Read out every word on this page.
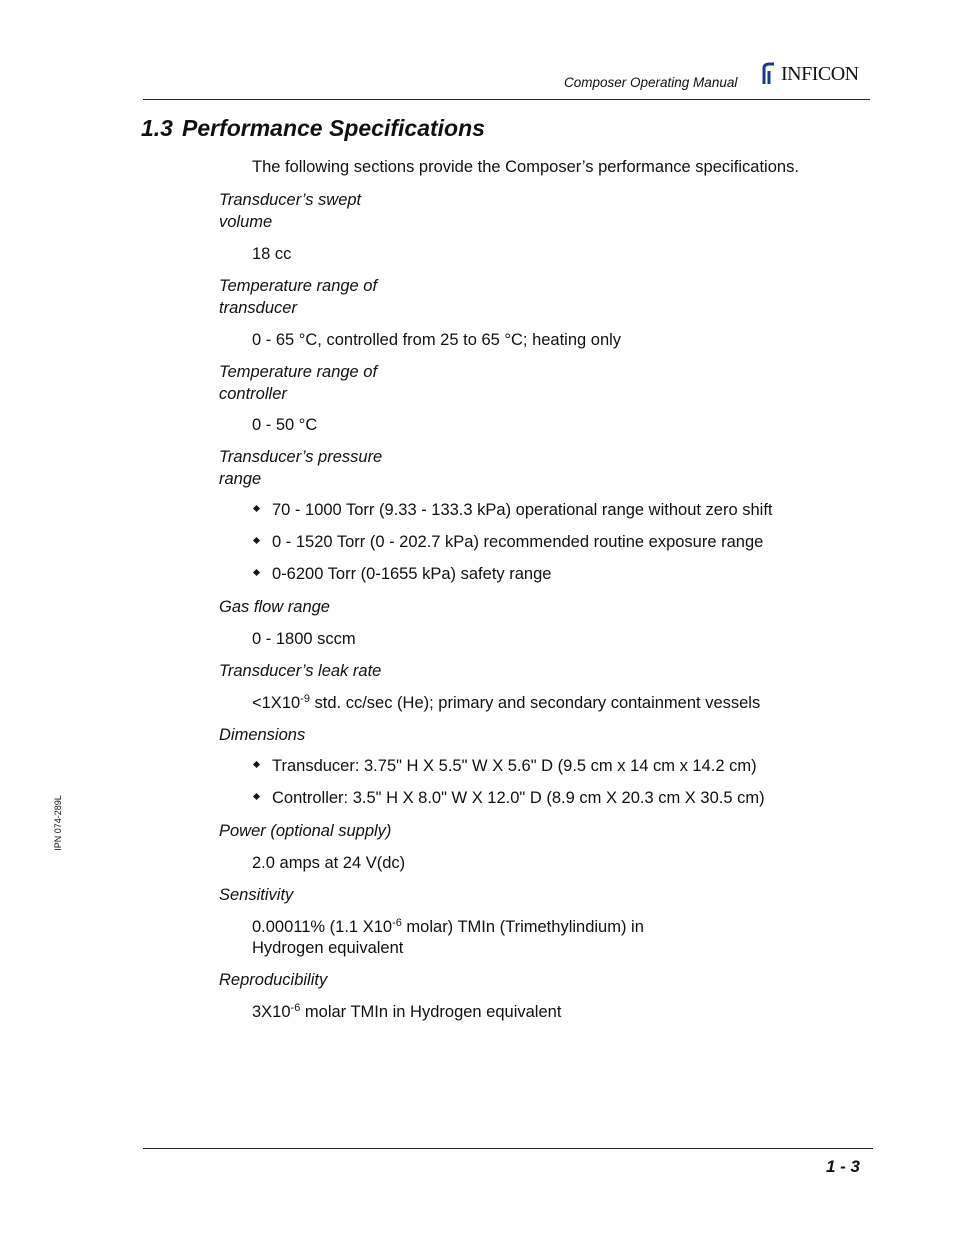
Composer Operating Manual INFICON
1.3 Performance Specifications
The following sections provide the Composer’s performance specifications.
Transducer’s swept
volume
18 cc
Temperature range of
transducer
0 - 65 °C, controlled from 25 to 65 °C; heating only
Temperature range of
controller
0 - 50 °C
Transducer’s pressure
range
70 - 1000 Torr (9.33 - 133.3 kPa) operational range without zero shift
0 - 1520 Torr (0 - 202.7 kPa) recommended routine exposure range
0-6200 Torr (0-1655 kPa) safety range
Gas flow range
0 - 1800 sccm
Transducer’s leak rate
$<1X10^{-9}$ std. cc/sec (He); primary and secondary containment vessels
Dimensions
Transducer: 3.75" H X 5.5" W X 5.6" D (9.5 cm x 14 cm x 14.2 cm)
Controller: 3.5" H X 8.0" W X 12.0" D (8.9 cm X 20.3 cm X 30.5 cm)
Power (optional supply)
2.0 amps at 24 V(dc)
Sensitivity
0.00011% (1.1 $X10^{-6}$ molar) TMIn (Trimethylindium) in
Hydrogen equivalent
Reproducibility
$3X10^{-6}$ molar TMIn in Hydrogen equivalent
IPN 074-289L
1 - 3
